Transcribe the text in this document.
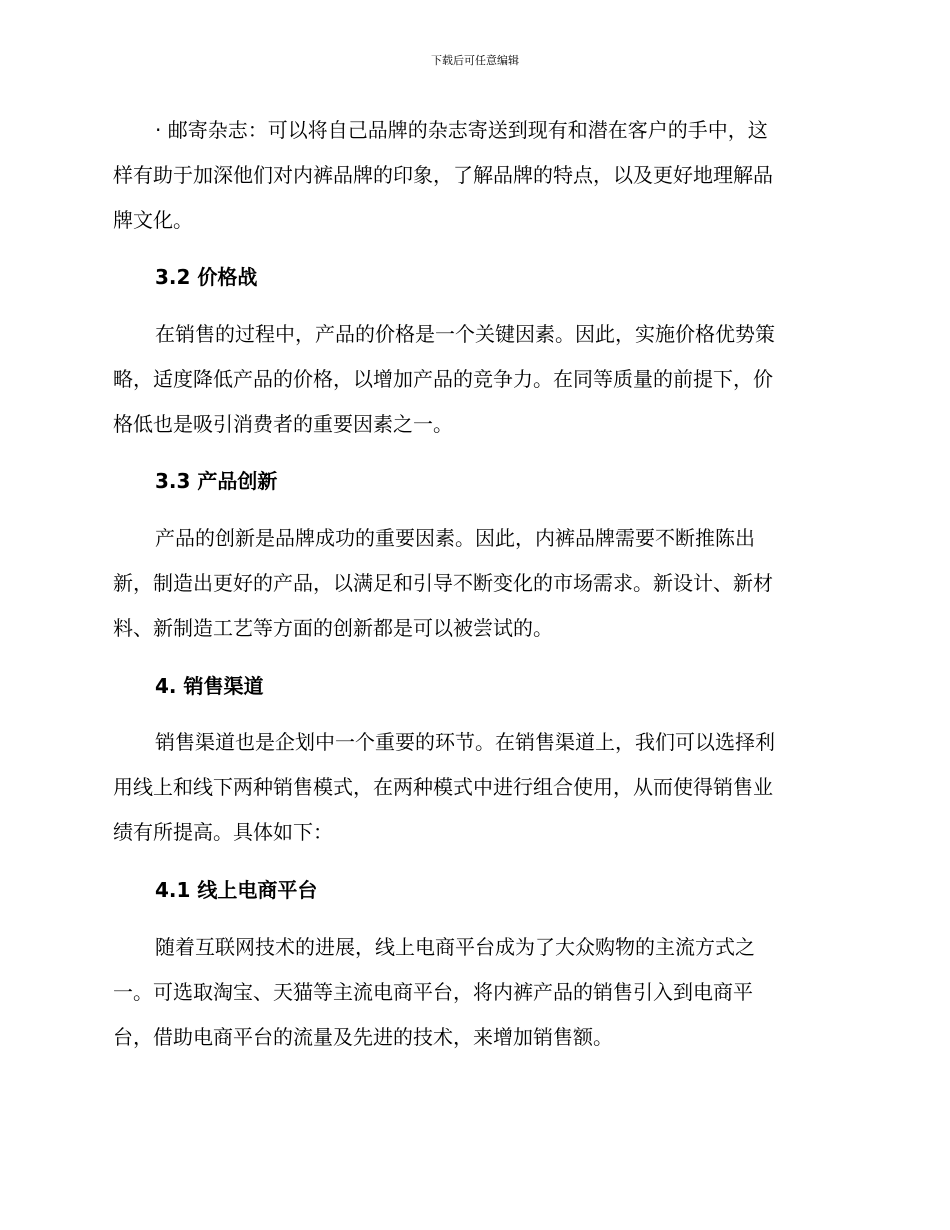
下载后可任意编辑
· 邮寄杂志：可以将自己品牌的杂志寄送到现有和潜在客户的手中，这
样有助于加深他们对内裤品牌的印象，了解品牌的特点，以及更好地理解品
牌文化。
3.2 价格战
在销售的过程中，产品的价格是一个关键因素。因此，实施价格优势策
略，适度降低产品的价格，以增加产品的竞争力。在同等质量的前提下，价
格低也是吸引消费者的重要因素之一。
3.3 产品创新
产品的创新是品牌成功的重要因素。因此，内裤品牌需要不断推陈出
新，制造出更好的产品，以满足和引导不断变化的市场需求。新设计、新材
料、新制造工艺等方面的创新都是可以被尝试的。
4. 销售渠道
销售渠道也是企划中一个重要的环节。在销售渠道上，我们可以选择利
用线上和线下两种销售模式，在两种模式中进行组合使用，从而使得销售业
绩有所提高。具体如下：
4.1 线上电商平台
随着互联网技术的进展，线上电商平台成为了大众购物的主流方式之
一。可选取淘宝、天猫等主流电商平台，将内裤产品的销售引入到电商平
台，借助电商平台的流量及先进的技术，来增加销售额。
